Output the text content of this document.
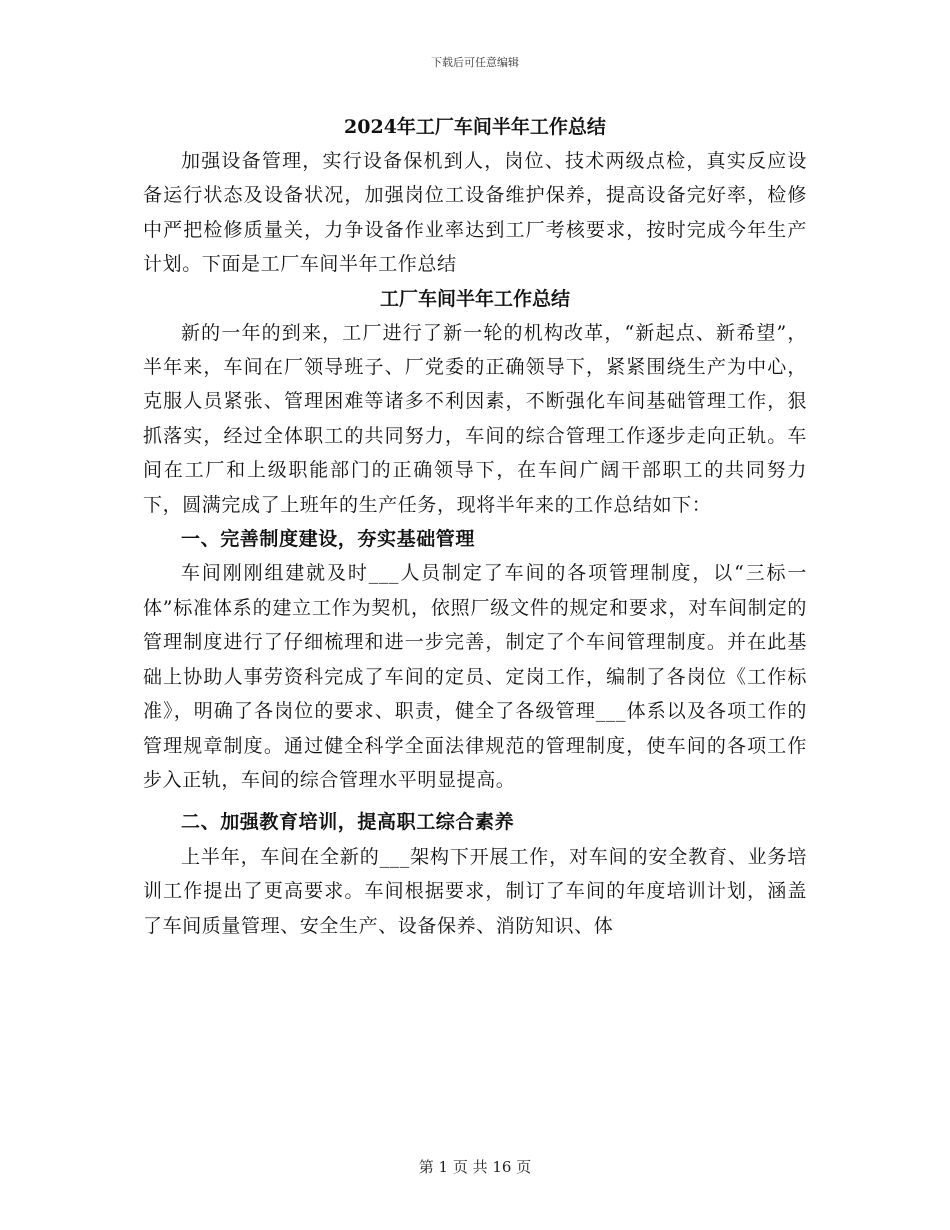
下载后可任意编辑
2024年工厂车间半年工作总结

加强设备管理，实行设备保机到人，岗位、技术两级点检，真实反应设备运行状态及设备状况，加强岗位工设备维护保养，提高设备完好率，检修中严把检修质量关，力争设备作业率达到工厂考核要求，按时完成今年生产计划。下面是工厂车间半年工作总结

工厂车间半年工作总结

新的一年的到来，工厂进行了新一轮的机构改革，“新起点、新希望”，半年来，车间在厂领导班子、厂党委的正确领导下，紧紧围绕生产为中心，克服人员紧张、管理困难等诸多不利因素，不断强化车间基础管理工作，狠抓落实，经过全体职工的共同努力，车间的综合管理工作逐步走向正轨。车间在工厂和上级职能部门的正确领导下，在车间广阔干部职工的共同努力下，圆满完成了上班年的生产任务，现将半年来的工作总结如下：

一、完善制度建设，夯实基础管理

车间刚刚组建就及时___人员制定了车间的各项管理制度，以“三标一体”标准体系的建立工作为契机，依照厂级文件的规定和要求，对车间制定的管理制度进行了仔细梳理和进一步完善，制定了个车间管理制度。并在此基础上协助人事劳资科完成了车间的定员、定岗工作，编制了各岗位《工作标准》，明确了各岗位的要求、职责，健全了各级管理___体系以及各项工作的管理规章制度。通过健全科学全面法律规范的管理制度，使车间的各项工作步入正轨，车间的综合管理水平明显提高。

二、加强教育培训，提高职工综合素养

上半年，车间在全新的___架构下开展工作，对车间的安全教育、业务培训工作提出了更高要求。车间根据要求，制订了车间的年度培训计划，涵盖了车间质量管理、安全生产、设备保养、消防知识、体

第 1 页 共 16 页
